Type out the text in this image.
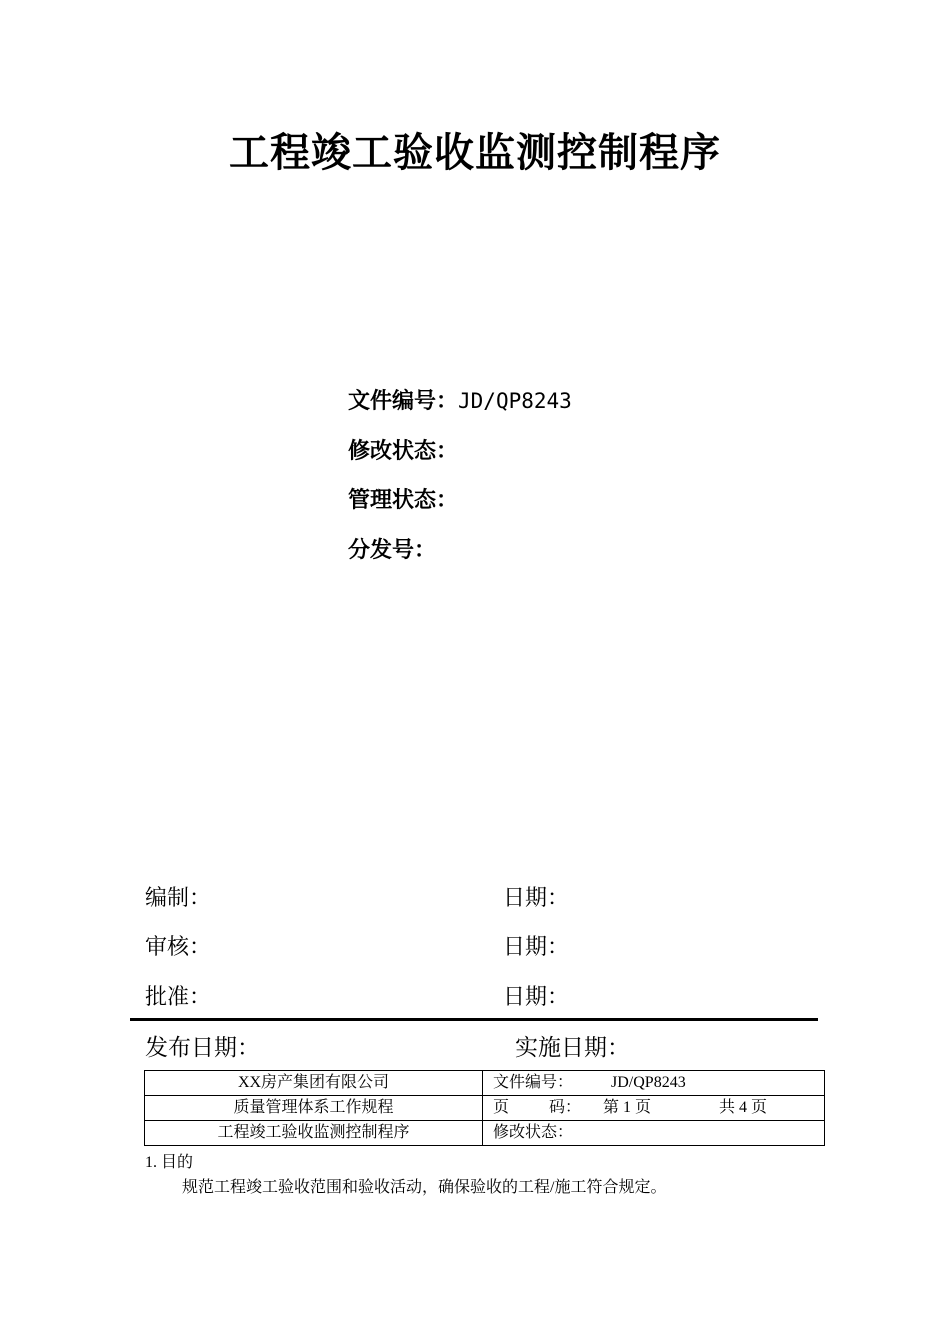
工程竣工验收监测控制程序
文件编号：JD/QP8243
修改状态：
管理状态：
分发号：
编制：	日期：
审核：	日期：
批准：	日期：
发布日期：	实施日期：
XX房产集团有限公司	文件编号： JD/QP8243
质量管理体系工作规程	页 码： 第 1 页 共 4 页
工程竣工验收监测控制程序	修改状态：
1. 目的
规范工程竣工验收范围和验收活动，确保验收的工程/施工符合规定。
